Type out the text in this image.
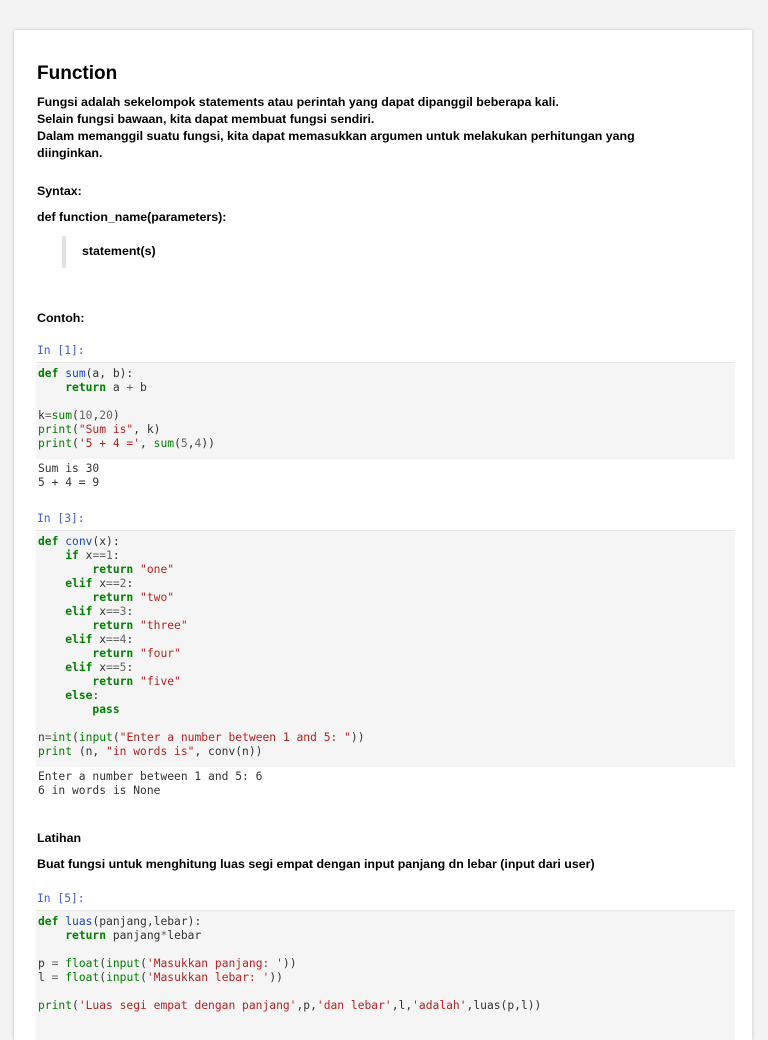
Function
Fungsi adalah sekelompok statements atau perintah yang dapat dipanggil beberapa kali.
Selain fungsi bawaan, kita dapat membuat fungsi sendiri.
Dalam memanggil suatu fungsi, kita dapat memasukkan argumen untuk melakukan perhitungan yang
diinginkan.
Syntax:
def function_name(parameters):
statement(s)
Contoh:
In [1]:
def sum(a, b):
return a + b

k=sum(10,20)
print("Sum is", k)
print('5 + 4 =', sum(5,4))
Sum is 30
5 + 4 = 9
In [3]:
def conv(x):
if x==1:
return "one"
elif x==2:
return "two"
elif x==3:
return "three"
elif x==4:
return "four"
elif x==5:
return "five"
else:
pass

n=int(input("Enter a number between 1 and 5: "))
print (n, "in words is", conv(n))
Enter a number between 1 and 5: 6
6 in words is None
Latihan
Buat fungsi untuk menghitung luas segi empat dengan input panjang dn lebar (input dari user)
In [5]:
def luas(panjang,lebar):
return panjang*lebar

p = float(input('Masukkan panjang: '))
l = float(input('Masukkan lebar: '))

print('Luas segi empat dengan panjang',p,'dan lebar',l,'adalah',luas(p,l))
